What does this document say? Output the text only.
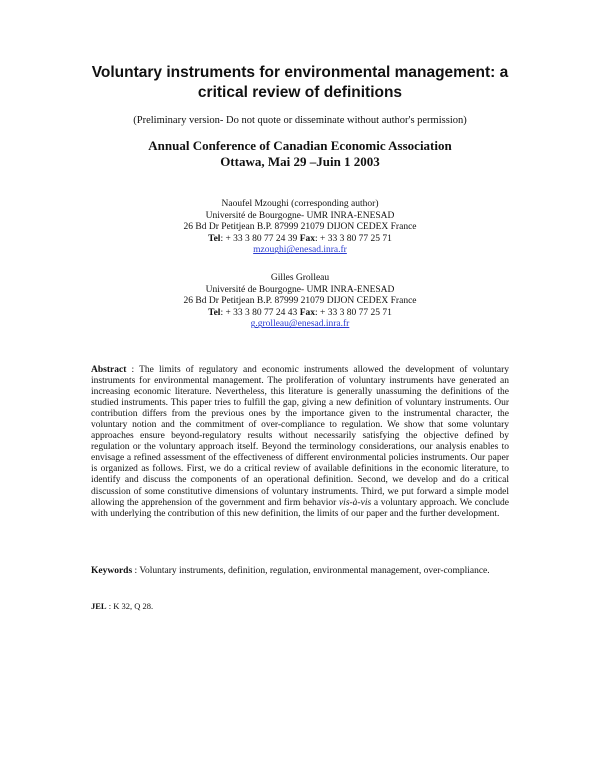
Voluntary instruments for environmental management: a
critical review of definitions
(Preliminary version- Do not quote or disseminate without author's permission)
Annual Conference of Canadian Economic Association
Ottawa, Mai 29 –Juin 1 2003
Naoufel Mzoughi (corresponding author)
Université de Bourgogne- UMR INRA-ENESAD
26 Bd Dr Petitjean B.P. 87999 21079 DIJON CEDEX France
Tel: + 33 3 80 77 24 39 Fax: + 33 3 80 77 25 71
mzoughi@enesad.inra.fr
Gilles Grolleau
Université de Bourgogne- UMR INRA-ENESAD
26 Bd Dr Petitjean B.P. 87999 21079 DIJON CEDEX France
Tel: + 33 3 80 77 24 43 Fax: + 33 3 80 77 25 71
g.grolleau@enesad.inra.fr
Abstract : The limits of regulatory and economic instruments allowed the development of voluntary instruments for environmental management. The proliferation of voluntary instruments have generated an increasing economic literature. Nevertheless, this literature is generally unassuming the definitions of the studied instruments. This paper tries to fulfill the gap, giving a new definition of voluntary instruments. Our contribution differs from the previous ones by the importance given to the instrumental character, the voluntary notion and the commitment of over-compliance to regulation. We show that some voluntary approaches ensure beyond-regulatory results without necessarily satisfying the objective defined by regulation or the voluntary approach itself. Beyond the terminology considerations, our analysis enables to envisage a refined assessment of the effectiveness of different environmental policies instruments. Our paper is organized as follows. First, we do a critical review of available definitions in the economic literature, to identify and discuss the components of an operational definition. Second, we develop and do a critical discussion of some constitutive dimensions of voluntary instruments. Third, we put forward a simple model allowing the apprehension of the government and firm behavior vis-à-vis a voluntary approach. We conclude with underlying the contribution of this new definition, the limits of our paper and the further development.
Keywords : Voluntary instruments, definition, regulation, environmental management, over-compliance.
JEL : K 32, Q 28.
